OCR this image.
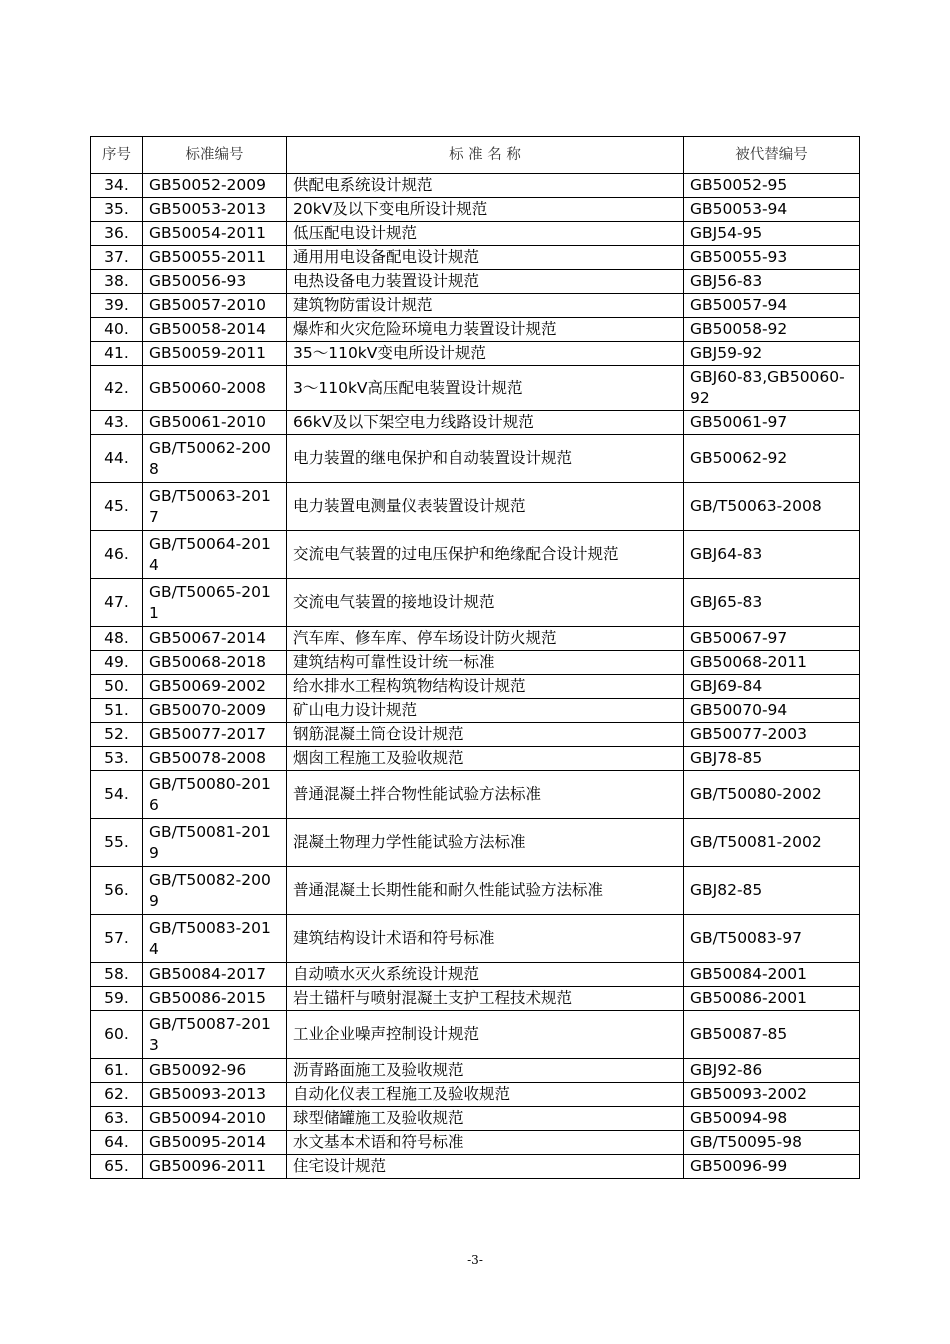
序号	标准编号	标 准 名 称	被代替编号
34.	GB50052-2009	供配电系统设计规范	GB50052-95
35.	GB50053-2013	20kV及以下变电所设计规范	GB50053-94
36.	GB50054-2011	低压配电设计规范	GBJ54-95
37.	GB50055-2011	通用用电设备配电设计规范	GB50055-93
38.	GB50056-93	电热设备电力装置设计规范	GBJ56-83
39.	GB50057-2010	建筑物防雷设计规范	GB50057-94
40.	GB50058-2014	爆炸和火灾危险环境电力装置设计规范	GB50058-92
41.	GB50059-2011	35～110kV变电所设计规范	GBJ59-92
42.	GB50060-2008	3～110kV高压配电装置设计规范	GBJ60-83,GB50060-92
43.	GB50061-2010	66kV及以下架空电力线路设计规范	GB50061-97
44.	GB/T50062-2008	电力装置的继电保护和自动装置设计规范	GB50062-92
45.	GB/T50063-2017	电力装置电测量仪表装置设计规范	GB/T50063-2008
46.	GB/T50064-2014	交流电气装置的过电压保护和绝缘配合设计规范	GBJ64-83
47.	GB/T50065-2011	交流电气装置的接地设计规范	GBJ65-83
48.	GB50067-2014	汽车库、修车库、停车场设计防火规范	GB50067-97
49.	GB50068-2018	建筑结构可靠性设计统一标准	GB50068-2011
50.	GB50069-2002	给水排水工程构筑物结构设计规范	GBJ69-84
51.	GB50070-2009	矿山电力设计规范	GB50070-94
52.	GB50077-2017	钢筋混凝土筒仓设计规范	GB50077-2003
53.	GB50078-2008	烟囱工程施工及验收规范	GBJ78-85
54.	GB/T50080-2016	普通混凝土拌合物性能试验方法标准	GB/T50080-2002
55.	GB/T50081-2019	混凝土物理力学性能试验方法标准	GB/T50081-2002
56.	GB/T50082-2009	普通混凝土长期性能和耐久性能试验方法标准	GBJ82-85
57.	GB/T50083-2014	建筑结构设计术语和符号标准	GB/T50083-97
58.	GB50084-2017	自动喷水灭火系统设计规范	GB50084-2001
59.	GB50086-2015	岩土锚杆与喷射混凝土支护工程技术规范	GB50086-2001
60.	GB/T50087-2013	工业企业噪声控制设计规范	GB50087-85
61.	GB50092-96	沥青路面施工及验收规范	GBJ92-86
62.	GB50093-2013	自动化仪表工程施工及验收规范	GB50093-2002
63.	GB50094-2010	球型储罐施工及验收规范	GB50094-98
64.	GB50095-2014	水文基本术语和符号标准	GB/T50095-98
65.	GB50096-2011	住宅设计规范	GB50096-99
-3-
